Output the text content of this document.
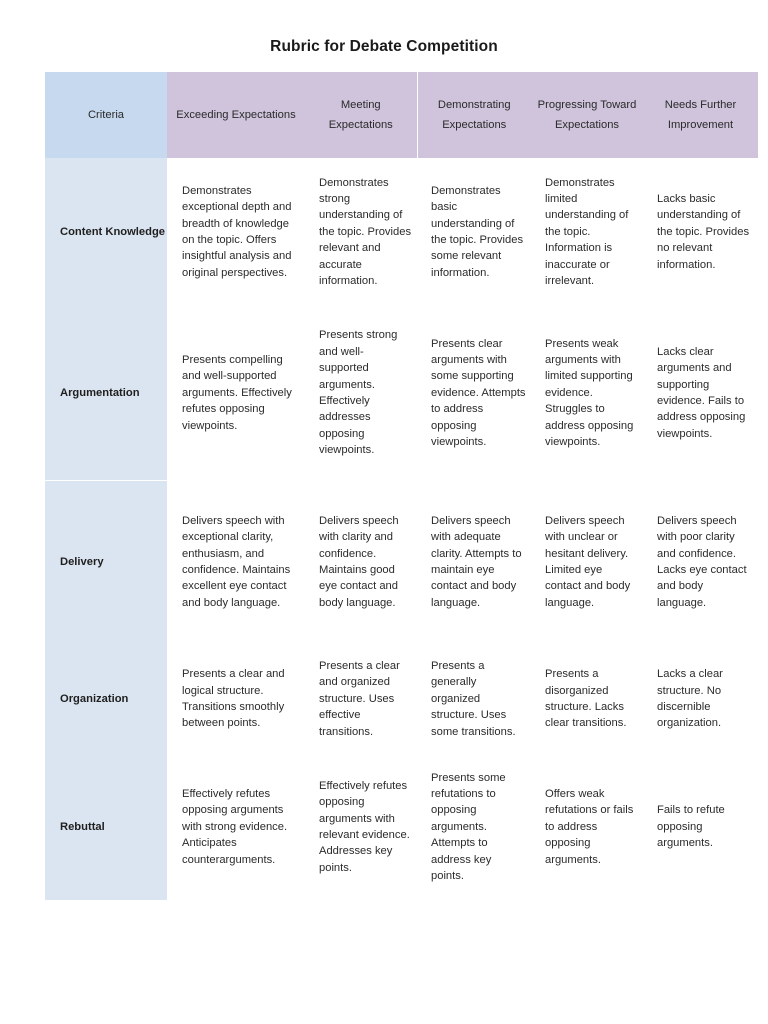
Rubric for Debate Competition
Criteria	Exceeding Expectations	Meeting Expectations	Demonstrating Expectations	Progressing Toward Expectations	Needs Further Improvement
Content Knowledge	Demonstrates exceptional depth and breadth of knowledge on the topic. Offers insightful analysis and original perspectives.	Demonstrates strong understanding of the topic. Provides relevant and accurate information.	Demonstrates basic understanding of the topic. Provides some relevant information.	Demonstrates limited understanding of the topic. Information is inaccurate or irrelevant.	Lacks basic understanding of the topic. Provides no relevant information.
Argumentation	Presents compelling and well-supported arguments. Effectively refutes opposing viewpoints.	Presents strong and well-supported arguments. Effectively addresses opposing viewpoints.	Presents clear arguments with some supporting evidence. Attempts to address opposing viewpoints.	Presents weak arguments with limited supporting evidence. Struggles to address opposing viewpoints.	Lacks clear arguments and supporting evidence. Fails to address opposing viewpoints.
Delivery	Delivers speech with exceptional clarity, enthusiasm, and confidence. Maintains excellent eye contact and body language.	Delivers speech with clarity and confidence. Maintains good eye contact and body language.	Delivers speech with adequate clarity. Attempts to maintain eye contact and body language.	Delivers speech with unclear or hesitant delivery. Limited eye contact and body language.	Delivers speech with poor clarity and confidence. Lacks eye contact and body language.
Organization	Presents a clear and logical structure. Transitions smoothly between points.	Presents a clear and organized structure. Uses effective transitions.	Presents a generally organized structure. Uses some transitions.	Presents a disorganized structure. Lacks clear transitions.	Lacks a clear structure. No discernible organization.
Rebuttal	Effectively refutes opposing arguments with strong evidence. Anticipates counterarguments.	Effectively refutes opposing arguments with relevant evidence. Addresses key points.	Presents some refutations to opposing arguments. Attempts to address key points.	Offers weak refutations or fails to address opposing arguments.	Fails to refute opposing arguments.
